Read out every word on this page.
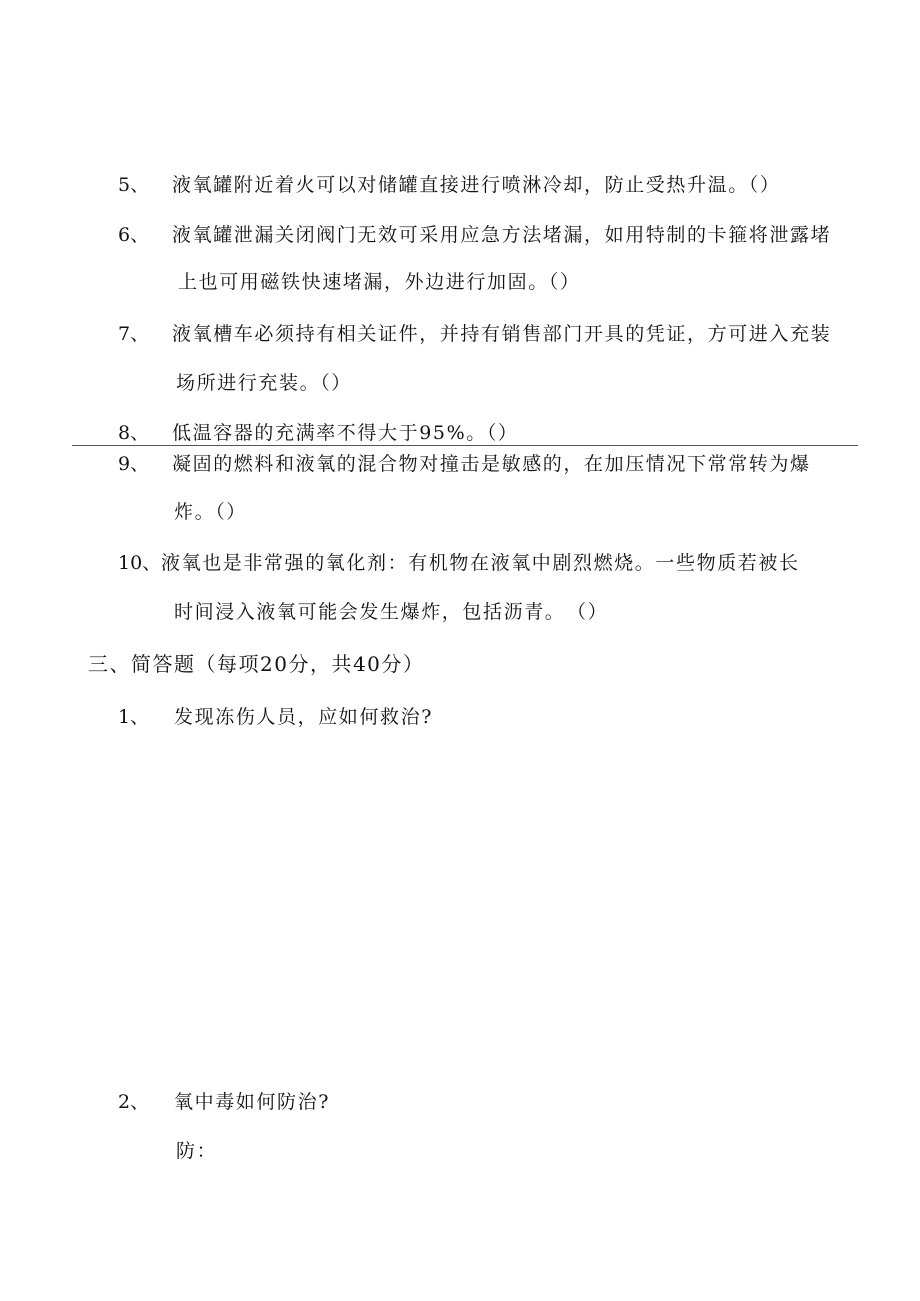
5、 液氧罐附近着火可以对储罐直接进行喷淋冷却，防止受热升温。（）
6、 液氧罐泄漏关闭阀门无效可采用应急方法堵漏，如用特制的卡箍将泄露堵
上也可用磁铁快速堵漏，外边进行加固。（）
7、 液氧槽车必须持有相关证件，并持有销售部门开具的凭证，方可进入充装
场所进行充装。（）
8、 低温容器的充满率不得大于95%。（）
9、 凝固的燃料和液氧的混合物对撞击是敏感的，在加压情况下常常转为爆
炸。（）
10、 液氧也是非常强的氧化剂：有机物在液氧中剧烈燃烧。一些物质若被长
时间浸入液氧可能会发生爆炸，包括沥青。　（）
三、简答题（每项20分，共40分）
1、 发现冻伤人员，应如何救治?
2、 氧中毒如何防治?
防：
